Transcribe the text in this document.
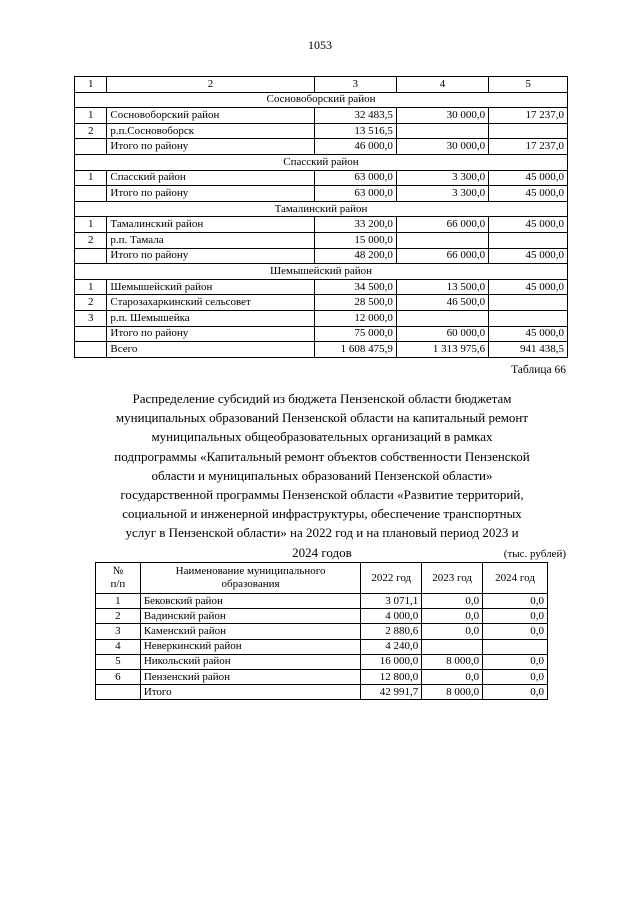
1053
1	2	3	4	5
Сосновоборский район				
1	Сосновоборский район	32 483,5	30 000,0	17 237,0
2	р.п.Сосновоборск	13 516,5		
	Итого по району	46 000,0	30 000,0	17 237,0
Спасский район				
1	Спасский район	63 000,0	3 300,0	45 000,0
	Итого по району	63 000,0	3 300,0	45 000,0
Тамалинский район				
1	Тамалинский район	33 200,0	66 000,0	45 000,0
2	р.п. Тамала	15 000,0		
	Итого по району	48 200,0	66 000,0	45 000,0
Шемышейский район				
1	Шемышейский район	34 500,0	13 500,0	45 000,0
2	Старозахаркинский сельсовет	28 500,0	46 500,0	
3	р.п. Шемышейка	12 000,0		
	Итого по району	75 000,0	60 000,0	45 000,0
	Всего	1 608 475,9	1 313 975,6	941 438,5
Таблица 66
Распределение субсидий из бюджета Пензенской области бюджетам
муниципальных образований Пензенской области на капитальный ремонт
муниципальных общеобразовательных организаций в рамках
подпрограммы «Капитальный ремонт объектов собственности Пензенской
области и муниципальных образований Пензенской области»
государственной программы Пензенской области «Развитие территорий,
социальной и инженерной инфраструктуры, обеспечение транспортных
услуг в Пензенской области» на 2022 год и на плановый период 2023 и
2024 годов	(тыс. рублей)
№
п/п	Наименование муниципального
образования	2022 год	2023 год	2024 год
1	Бековский район	3 071,1	0,0	0,0
2	Вадинский район	4 000,0	0,0	0,0
3	Каменский район	2 880,6	0,0	0,0
4	Неверкинский район	4 240,0		
5	Никольский район	16 000,0	8 000,0	0,0
6	Пензенский район	12 800,0	0,0	0,0
	Итого	42 991,7	8 000,0	0,0
